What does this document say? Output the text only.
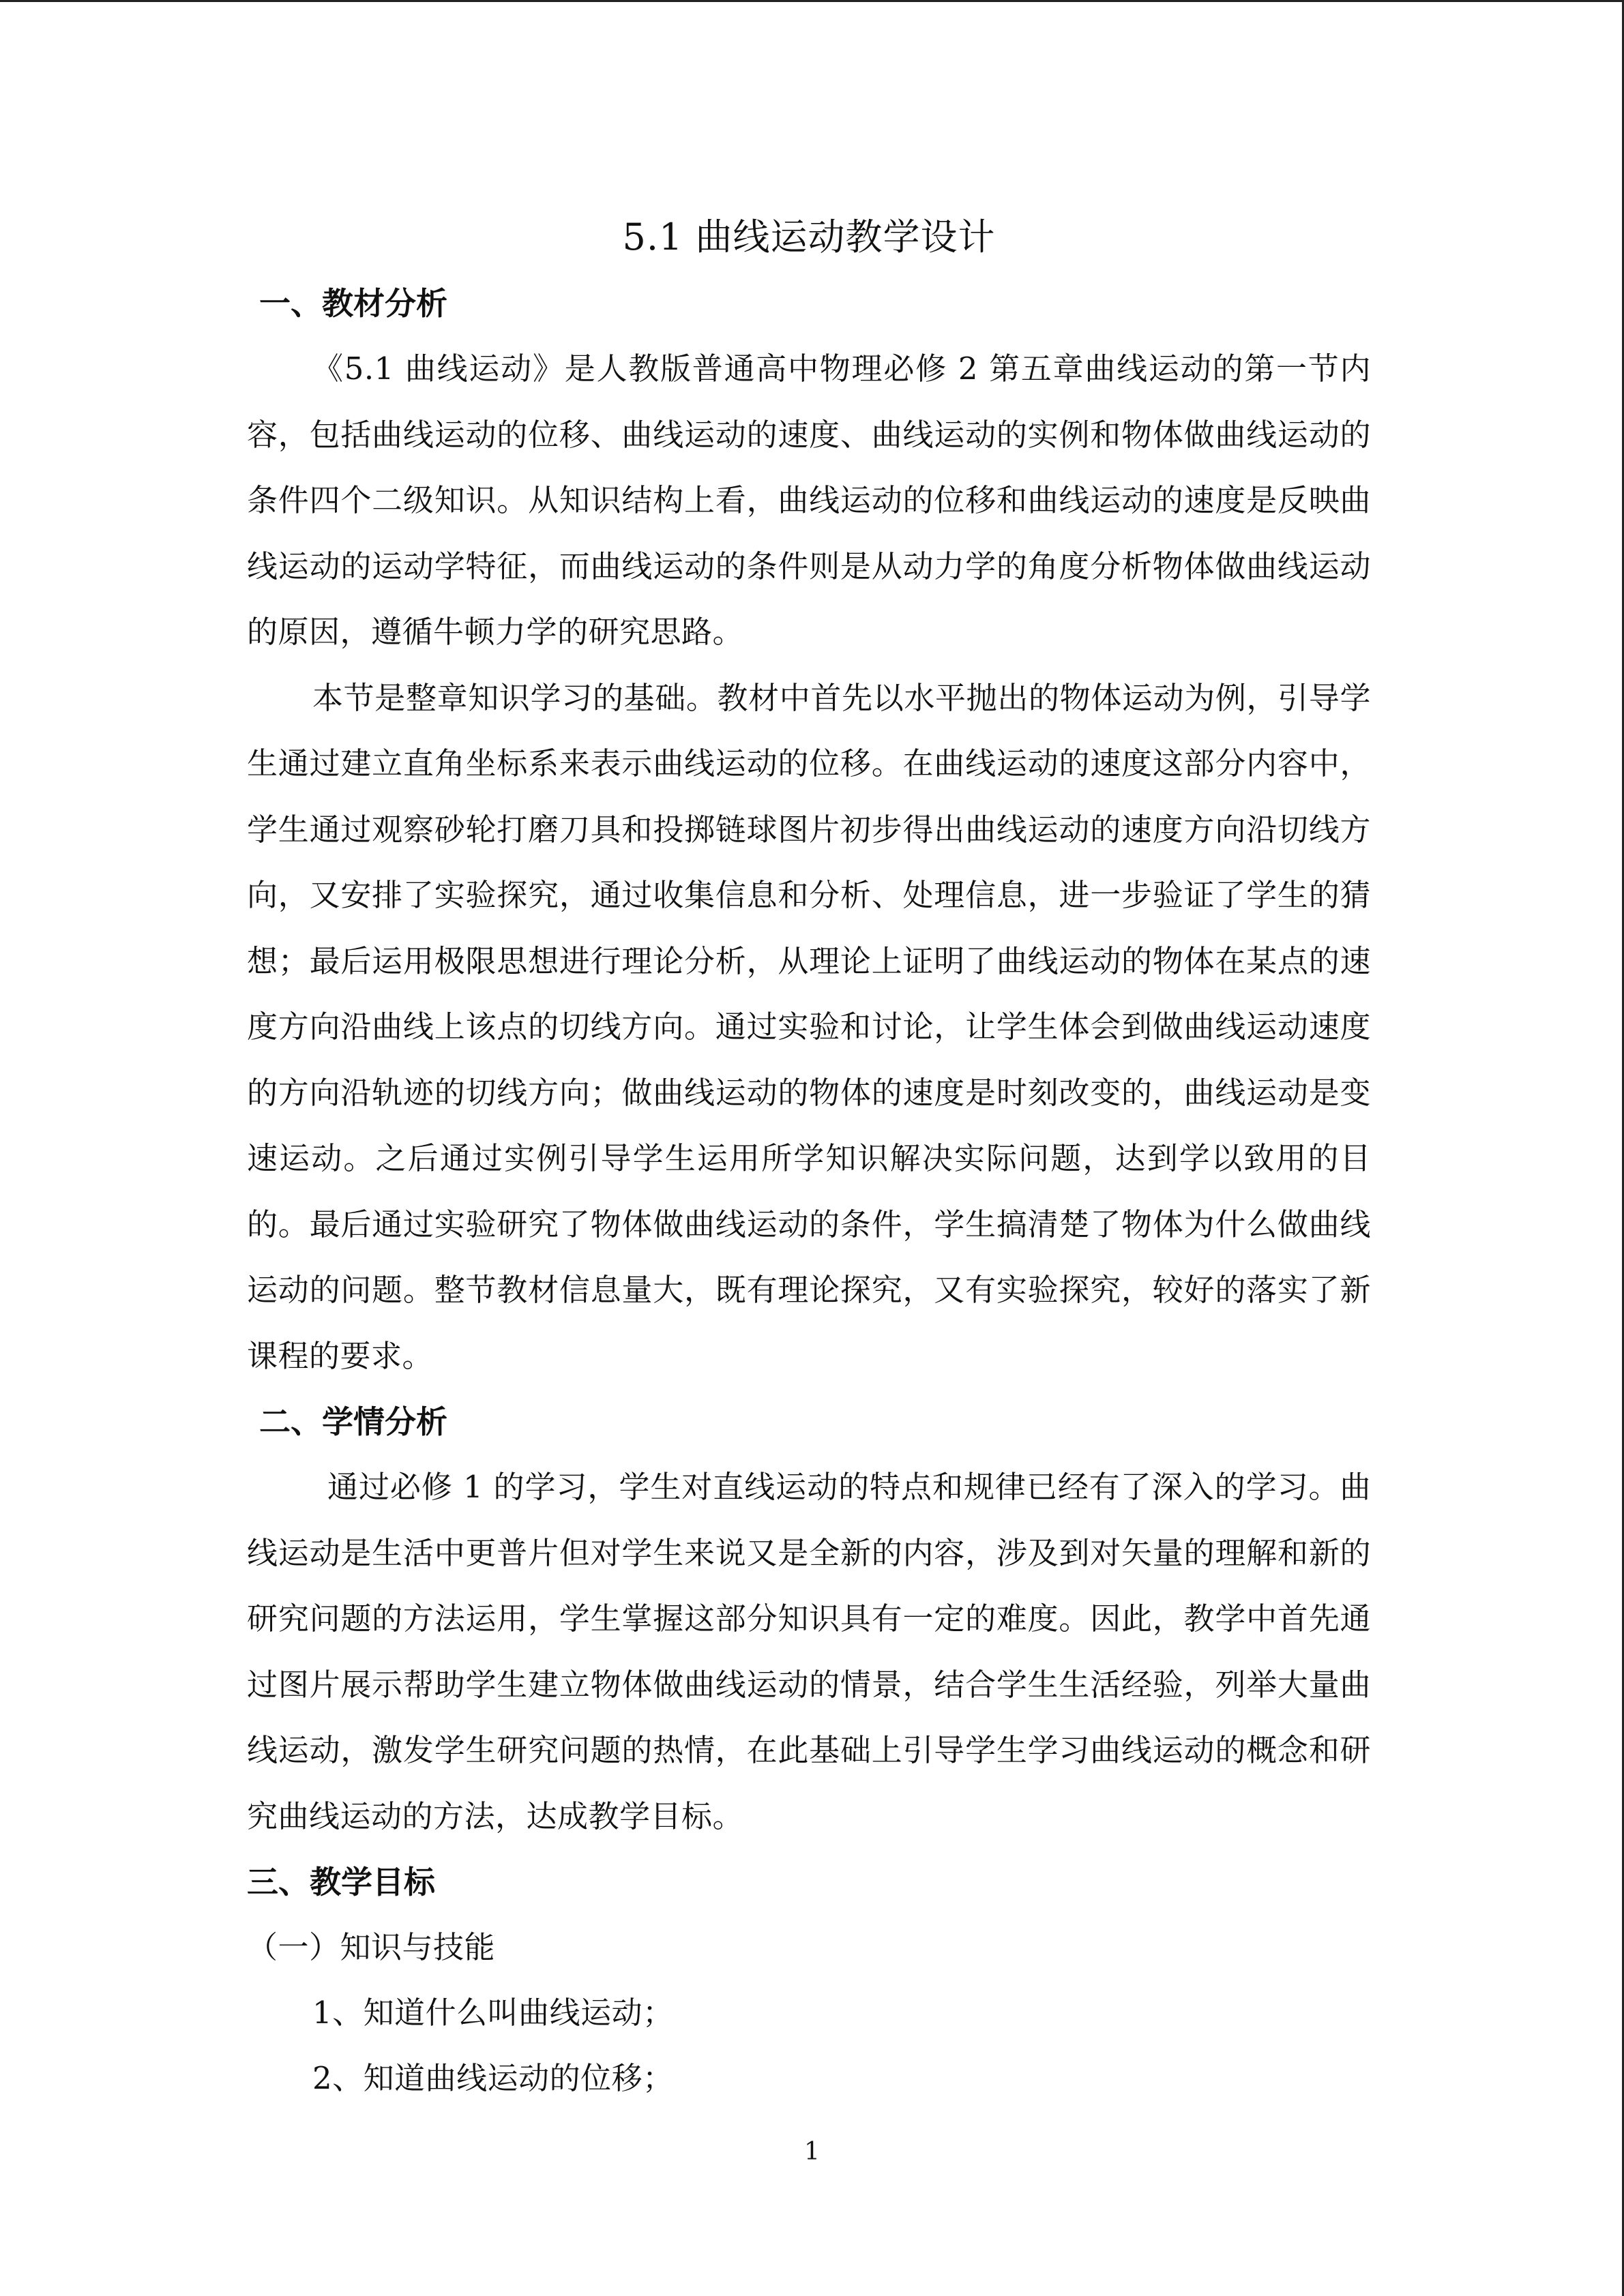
5.1 曲线运动教学设计
一、教材分析

《5.1 曲线运动》是人教版普通高中物理必修 2 第五章曲线运动的第一节内容，包括曲线运动的位移、曲线运动的速度、曲线运动的实例和物体做曲线运动的条件四个二级知识。从知识结构上看，曲线运动的位移和曲线运动的速度是反映曲线运动的运动学特征，而曲线运动的条件则是从动力学的角度分析物体做曲线运动的原因，遵循牛顿力学的研究思路。

本节是整章知识学习的基础。教材中首先以水平抛出的物体运动为例，引导学生通过建立直角坐标系来表示曲线运动的位移。在曲线运动的速度这部分内容中，学生通过观察砂轮打磨刀具和投掷链球图片初步得出曲线运动的速度方向沿切线方向，又安排了实验探究，通过收集信息和分析、处理信息，进一步验证了学生的猜想；最后运用极限思想进行理论分析，从理论上证明了曲线运动的物体在某点的速度方向沿曲线上该点的切线方向。通过实验和讨论，让学生体会到做曲线运动速度的方向沿轨迹的切线方向；做曲线运动的物体的速度是时刻改变的，曲线运动是变速运动。之后通过实例引导学生运用所学知识解决实际问题，达到学以致用的目的。最后通过实验研究了物体做曲线运动的条件，学生搞清楚了物体为什么做曲线运动的问题。整节教材信息量大，既有理论探究，又有实验探究，较好的落实了新课程的要求。

二、学情分析

通过必修 1 的学习，学生对直线运动的特点和规律已经有了深入的学习。曲线运动是生活中更普片但对学生来说又是全新的内容，涉及到对矢量的理解和新的研究问题的方法运用，学生掌握这部分知识具有一定的难度。因此，教学中首先通过图片展示帮助学生建立物体做曲线运动的情景，结合学生生活经验，列举大量曲线运动，激发学生研究问题的热情，在此基础上引导学生学习曲线运动的概念和研究曲线运动的方法，达成教学目标。

三、教学目标
（一）知识与技能
1、知道什么叫曲线运动；
2、知道曲线运动的位移；
1
